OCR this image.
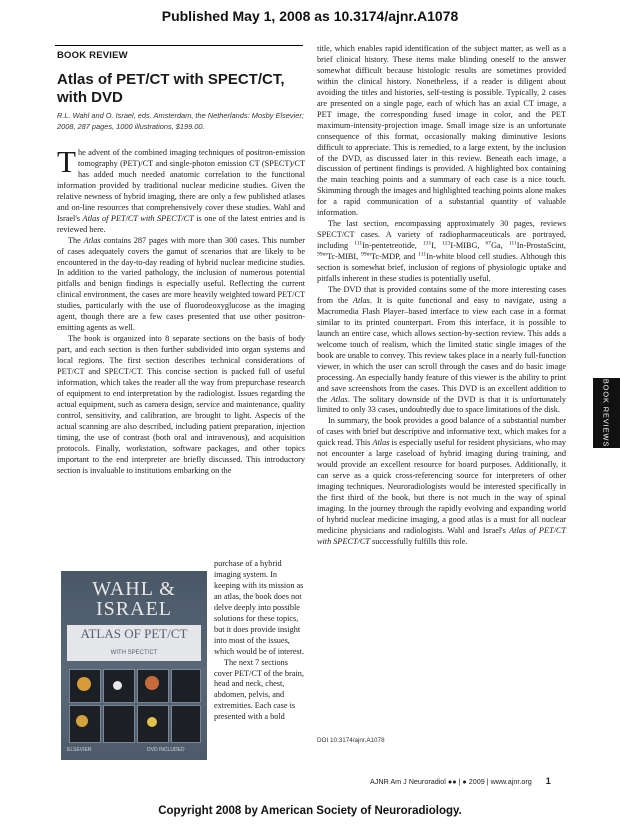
Published May 1, 2008 as 10.3174/ajnr.A1078
BOOK REVIEW
Atlas of PET/CT with SPECT/CT, with DVD
R.L. Wahl and O. Israel, eds. Amsterdam, the Netherlands: Mosby Elsevier; 2008, 287 pages, 1000 illustrations, $199.00.

The advent of the combined imaging techniques of positron-emission tomography (PET)/CT and single-photon emission CT (SPECT)/CT has added much needed anatomic correlation to the functional information provided by traditional nuclear medicine studies. Given the relative newness of hybrid imaging, there are only a few published atlases and on-line resources that comprehensively cover these studies. Wahl and Israel's Atlas of PET/CT with SPECT/CT is one of the latest entries and is reviewed here.

The Atlas contains 287 pages with more than 300 cases. This number of cases adequately covers the gamut of scenarios that are likely to be encountered in the day-to-day reading of hybrid nuclear medicine studies. In addition to the varied pathology, the inclusion of numerous potential pitfalls and benign findings is especially useful. Reflecting the current clinical environment, the cases are more heavily weighted toward PET/CT studies, particularly with the use of fluorodeoxyglucose as the imaging agent, though there are a few cases presented that use other positron-emitting agents as well.

The book is organized into 8 separate sections on the basis of body part, and each section is then further subdivided into organ systems and local regions. The first section describes technical considerations of PET/CT and SPECT/CT. This concise section is packed full of useful information, which takes the reader all the way from prepurchase research of equipment to end interpretation by the radiologist. Issues regarding the actual equipment, such as camera design, service and maintenance, quality control, sensitivity, and calibration, are brought to light. Aspects of the actual scanning are also described, including patient preparation, injection timing, the use of contrast (both oral and intravenous), and acquisition protocols. Finally, workstation, software packages, and other topics important to the end interpreter are briefly discussed. This introductory section is invaluable to institutions embarking on the

WAHL &
ISRAEL
ATLAS OF PET/CT
WITH SPECT/CT
ELSEVIER	DVD INCLUDED

purchase of a hybrid imaging system. In keeping with its mission as an atlas, the book does not delve deeply into possible solutions for these topics, but it does provide insight into most of the issues, which would be of interest.

The next 7 sections cover PET/CT of the brain, head and neck, chest, abdomen, pelvis, and extremities. Each case is presented with a bold

title, which enables rapid identification of the subject matter, as well as a brief clinical history. These items make blinding oneself to the answer somewhat difficult because histologic results are sometimes provided within the clinical history. Nonetheless, if a reader is diligent about avoiding the titles and histories, self-testing is possible. Typically, 2 cases are presented on a single page, each of which has an axial CT image, a PET image, the corresponding fused image in color, and the PET maximum-intensity-projection image. Small image size is an unfortunate consequence of this format, occasionally making diminutive lesions difficult to appreciate. This is remedied, to a large extent, by the inclusion of the DVD, as discussed later in this review. Beneath each image, a discussion of pertinent findings is provided. A highlighted box containing the main teaching points and a summary of each case is a nice touch. Skimming through the images and highlighted teaching points alone makes for a rapid communication of a substantial quantity of valuable information.

The last section, encompassing approximately 30 pages, reviews SPECT/CT cases. A variety of radiopharmaceuticals are portrayed, including $^{111}$In-pentetreotide, $^{131}$I, $^{123}$I-MIBG, $^{67}$Ga, $^{111}$In-ProstaScint, $^{99m}$Tc-MIBI, $^{99m}$Tc-MDP, and $^{111}$In-white blood cell studies. Although this section is somewhat brief, inclusion of regions of physiologic uptake and pitfalls inherent in these studies is potentially useful.

The DVD that is provided contains some of the more interesting cases from the Atlas. It is quite functional and easy to navigate, using a Macromedia Flash Player–based interface to view each case in a format similar to its printed counterpart. From this interface, it is possible to launch an entire case, which allows section-by-section review. This adds a welcome touch of realism, which the limited static single images of the book are unable to convey. This review takes place in a nearly full-function viewer, in which the user can scroll through the cases and do basic image processing. An especially handy feature of this viewer is the ability to print and save screenshots from the cases. This DVD is an excellent addition to the Atlas. The solitary downside of the DVD is that it is unfortunately limited to only 33 cases, undoubtedly due to space limitations of the disk.

In summary, the book provides a good balance of a substantial number of cases with brief but descriptive and informative text, which makes for a quick read. This Atlas is especially useful for resident physicians, who may not encounter a large caseload of hybrid imaging during training, and would provide an excellent resource for board purposes. Additionally, it can serve as a quick cross-referencing source for interpreters of other imaging techniques. Neuroradiologists would be interested specifically in the first third of the book, but there is not much in the way of spinal imaging. In the journey through the rapidly evolving and expanding world of hybrid nuclear medicine imaging, a good atlas is a must for all nuclear medicine physicians and radiologists. Wahl and Israel's Atlas of PET/CT with SPECT/CT successfully fulfills this role.

DOI 10.3174/ajnr.A1078
BOOK REVIEWS
AJNR Am J Neuroradiol ●● | ● 2009 | www.ajnr.org 1
Copyright 2008 by American Society of Neuroradiology.
